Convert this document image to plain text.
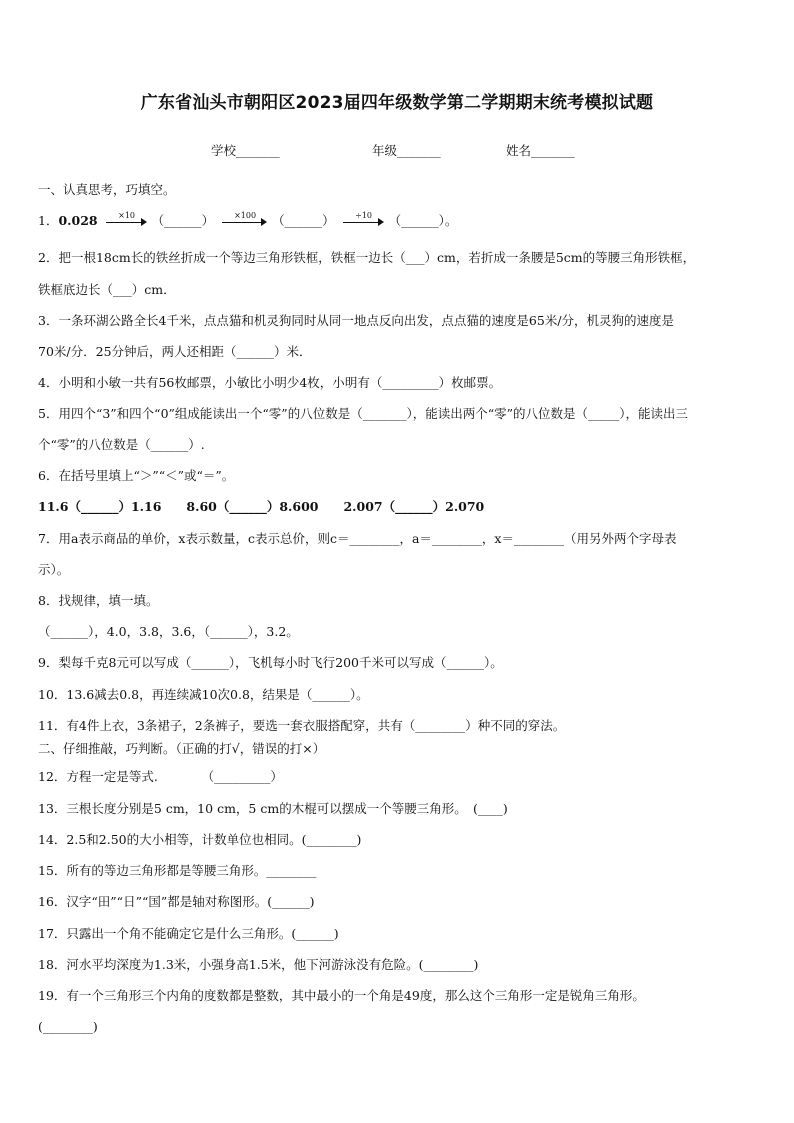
广东省汕头市朝阳区2023届四年级数学第二学期期末统考模拟试题
学校_______	年级_______	姓名_______
一、认真思考，巧填空。
1．0.028	×10	（______）	×100	（______）	÷10	（______）。
2．把一根18cm长的铁丝折成一个等边三角形铁框，铁框一边长（___）cm，若折成一条腰是5cm的等腰三角形铁框，
铁框底边长（___）cm．
3．一条环湖公路全长4千米，点点猫和机灵狗同时从同一地点反向出发，点点猫的速度是65米/分，机灵狗的速度是
70米/分．25分钟后，两人还相距（______）米．
4．小明和小敏一共有56枚邮票，小敏比小明少4枚，小明有（_________）枚邮票。
5．用四个“3”和四个“0”组成能读出一个“零”的八位数是（_______），能读出两个“零”的八位数是（_____），能读出三
个“零”的八位数是（______）.
6．在括号里填上“＞”“＜”或“＝”。
11.6（______）1.16　　8.60（______）8.600　　2.007（______）2.070
7．用a表示商品的单价，x表示数量，c表示总价，则c＝________，a＝________，x＝________（用另外两个字母表
示）。
8．找规律，填一填。
（______），4.0，3.8，3.6，（______），3.2。
9．梨每千克8元可以写成（______），飞机每小时飞行200千米可以写成（______）。
10．13.6减去0.8，再连续减10次0.8，结果是（______）。
11．有4件上衣，3条裙子，2条裤子，要选一套衣服搭配穿，共有（________）种不同的穿法。
二、仔细推敲，巧判断。（正确的打√，错误的打×）
12．方程一定是等式.　　　　（_________）
13．三根长度分别是5 cm，10 cm，5 cm的木棍可以摆成一个等腰三角形。　(____)
14．2.5和2.50的大小相等，计数单位也相同。(________)
15．所有的等边三角形都是等腰三角形。________
16．汉字“田”“日”“国”都是轴对称图形。(______)
17．只露出一个角不能确定它是什么三角形。(______)
18．河水平均深度为1.3米，小强身高1.5米，他下河游泳没有危险。(________)
19．有一个三角形三个内角的度数都是整数，其中最小的一个角是49度，那么这个三角形一定是锐角三角形。
(________)
